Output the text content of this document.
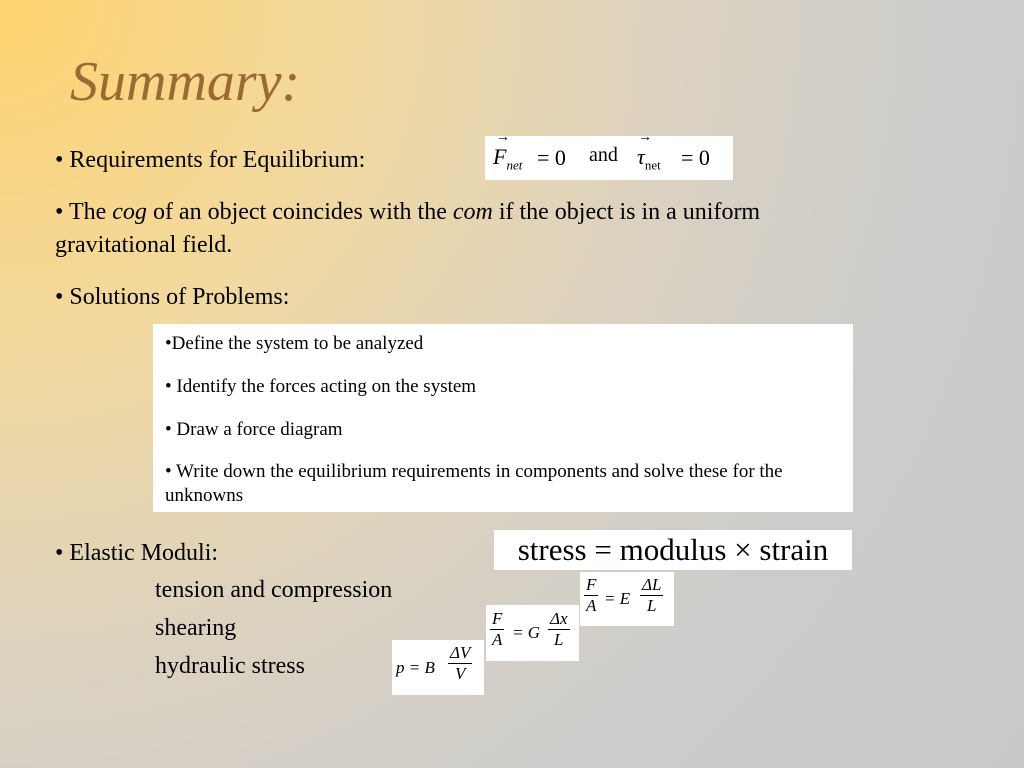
Summary:
• Requirements for Equilibrium:
→
$F_{net} = 0$ and
→
$\tau_{net} = 0$
• The cog of an object coincides with the com if the object is in a uniform
gravitational field.
• Solutions of Problems:

•Define the system to be analyzed

• Identify the forces acting on the system

• Draw a force diagram

• Write down the equilibrium requirements in components and solve these for the unknowns

• Elastic Moduli:	stress = modulus × strain
tension and compression
shearing
hydraulic stress
$\frac{F}{A} = E \frac{\Delta L}{L}$
$\frac{F}{A} = G \frac{\Delta x}{L}$
p = B $\frac{\Delta V}{V}$
